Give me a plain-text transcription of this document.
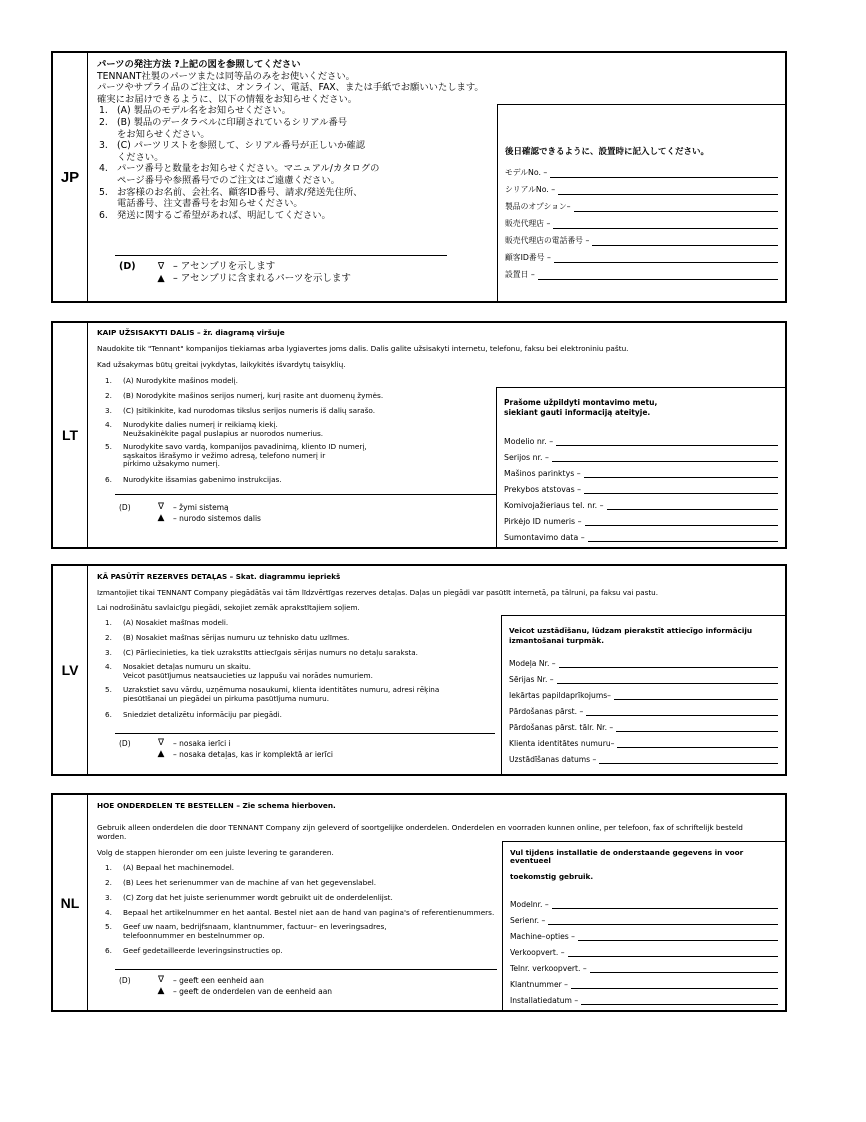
JP
パーツの発注方法 ?上記の図を参照してください
TENNANT社製のパーツまたは同等品のみをお使いください。
パーツやサプライ品のご注文は、オンライン、電話、FAX、または手紙でお願いいたします。
確実にお届けできるように、以下の情報をお知らせください。
1. (A) 製品のモデル名をお知らせください。
2. (B) 製品のデータラベルに印刷されているシリアル番号
をお知らせください。
3. (C) パーツリストを参照して、シリアル番号が正しいか確認
ください。
4. パーツ番号と数量をお知らせください。マニュアル/カタログの
ページ番号や参照番号でのご注文はご遠慮ください。
5. お客様のお名前、会社名、顧客ID番号、請求/発送先住所、
電話番号、注文書番号をお知らせください。
6. 発送に関するご希望があれば、明記してください。
(D)	∇ – アセンブリを示します
▲ – アセンブリに含まれるパーツを示します
後日確認できるように、設置時に記入してください。
モデルNo. –
シリアルNo. –
製品のオプション–
販売代理店 –
販売代理店の電話番号 –
顧客ID番号 –
設置日 –
LT
KAIP UŽSISAKYTI DALIS – žr. diagramą viršuje
Naudokite tik "Tennant" kompanijos tiekiamas arba lygiavertes joms dalis. Dalis galite užsisakyti internetu, telefonu, faksu bei elektroniniu paštu.
Kad užsakymas būtų greitai įvykdytas, laikykitės išvardytų taisyklių.
1.	(A) Nurodykite mašinos modelį.
2.	(B) Norodykite mašinos serijos numerį, kurį rasite ant duomenų žymės.
3.	(C) Įsitikinkite, kad nurodomas tikslus serijos numeris iš dalių sarašo.
4.	Nurodykite dalies numerį ir reikiamą kiekį.
Neužsakinėkite pagal puslapius ar nuorodos numerius.
5.	Nurodykite savo vardą, kompanijos pavadinimą, kliento ID numerį,
sąskaitos išrašymo ir vežimo adresą, telefono numerį ir
pirkimo užsakymo numerį.
6.	Nurodykite išsamias gabenimo instrukcijas.
(D)	∇	– žymi sistemą
▲	– nurodo sistemos dalis
Prašome užpildyti montavimo metu,
siekiant gauti informaciją ateityje.
Modelio nr. –
Serijos nr. –
Mašinos parinktys –
Prekybos atstovas –
Komivojažieriaus tel. nr. –
Pirkėjo ID numeris –
Sumontavimo data –
LV
KĀ PASŪTĪT REZERVES DETAĻAS – Skat. diagrammu iepriekš
Izmantojiet tikai TENNANT Company piegādātās vai tām līdzvērtīgas rezerves detaļas. Daļas un piegādi var pasūtīt internetā, pa tālruni, pa faksu vai pastu.
Lai nodrošinātu savlaicīgu piegādi, sekojiet zemāk aprakstītajiem soļiem.
1.	(A) Nosakiet mašīnas modeli.
2.	(B) Nosakiet mašīnas sērijas numuru uz tehnisko datu uzlīmes.
3.	(C) Pārliecinieties, ka tiek uzrakstīts attiecīgais sērijas numurs no detaļu saraksta.
4.	Nosakiet detaļas numuru un skaitu.
Veicot pasūtījumus neatsaucieties uz lappušu vai norādes numuriem.
5.	Uzrakstiet savu vārdu, uzņēmuma nosaukumi, klienta identitātes numuru, adresi rēķina
piesūtīšanai un piegādei un pirkuma pasūtījuma numuru.
6.	Sniedziet detalizētu informāciju par piegādi.
(D)	∇	– nosaka ierīci i
▲	– nosaka detaļas, kas ir komplektā ar ierīci
Veicot uzstādīšanu, lūdzam pierakstīt attiecīgo informāciju
izmantošanai turpmāk.
Modeļa Nr. –
Sērijas Nr. –
Iekārtas papildaprīkojums–
Pārdošanas pārst. –
Pārdošanas pārst. tālr. Nr. –
Klienta identitātes numuru–
Uzstādīšanas datums –
NL
HOE ONDERDELEN TE BESTELLEN – Zie schema hierboven.
Gebruik alleen onderdelen die door TENNANT Company zijn geleverd of soortgelijke onderdelen. Onderdelen en voorraden kunnen online, per telefoon, fax of schriftelijk besteld worden.
Volg de stappen hieronder om een juiste levering te garanderen.
1.	(A) Bepaal het machinemodel.
2.	(B) Lees het serienummer van de machine af van het gegevenslabel.
3.	(C) Zorg dat het juiste serienummer wordt gebruikt uit de onderdelenlijst.
4.	Bepaal het artikelnummer en het aantal. Bestel niet aan de hand van pagina's of referentienummers.
5.	Geef uw naam, bedrijfsnaam, klantnummer, factuur– en leveringsadres,
telefoonnummer en bestelnummer op.
6.	Geef gedetailleerde leveringsinstructies op.
(D)	∇	– geeft een eenheid aan
▲	– geeft de onderdelen van de eenheid aan
Vul tijdens installatie de onderstaande gegevens in voor eventueel

toekomstig gebruik.
Modelnr. –
Serienr. –
Machine–opties –
Verkoopvert. –
Telnr. verkoopvert. –
Klantnummer –
Installatiedatum –
